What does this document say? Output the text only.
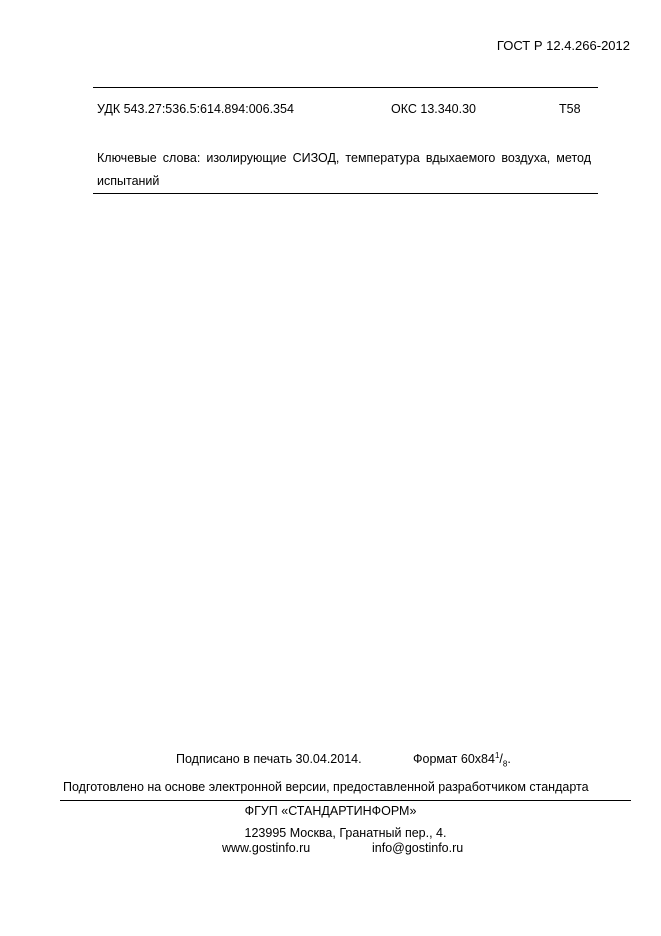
ГОСТ Р 12.4.266-2012
УДК 543.27:536.5:614.894:006.354	ОКС 13.340.30	Т58
Ключевые слова: изолирующие СИЗОД, температура вдыхаемого воздуха, метод испытаний
Подписано в печать 30.04.2014.	Формат $60x84^1/_8$.
Подготовлено на основе электронной версии, предоставленной разработчиком стандарта
ФГУП «СТАНДАРТИНФОРМ»
123995 Москва, Гранатный пер., 4.
www.gostinfo.ru	info@gostinfo.ru
